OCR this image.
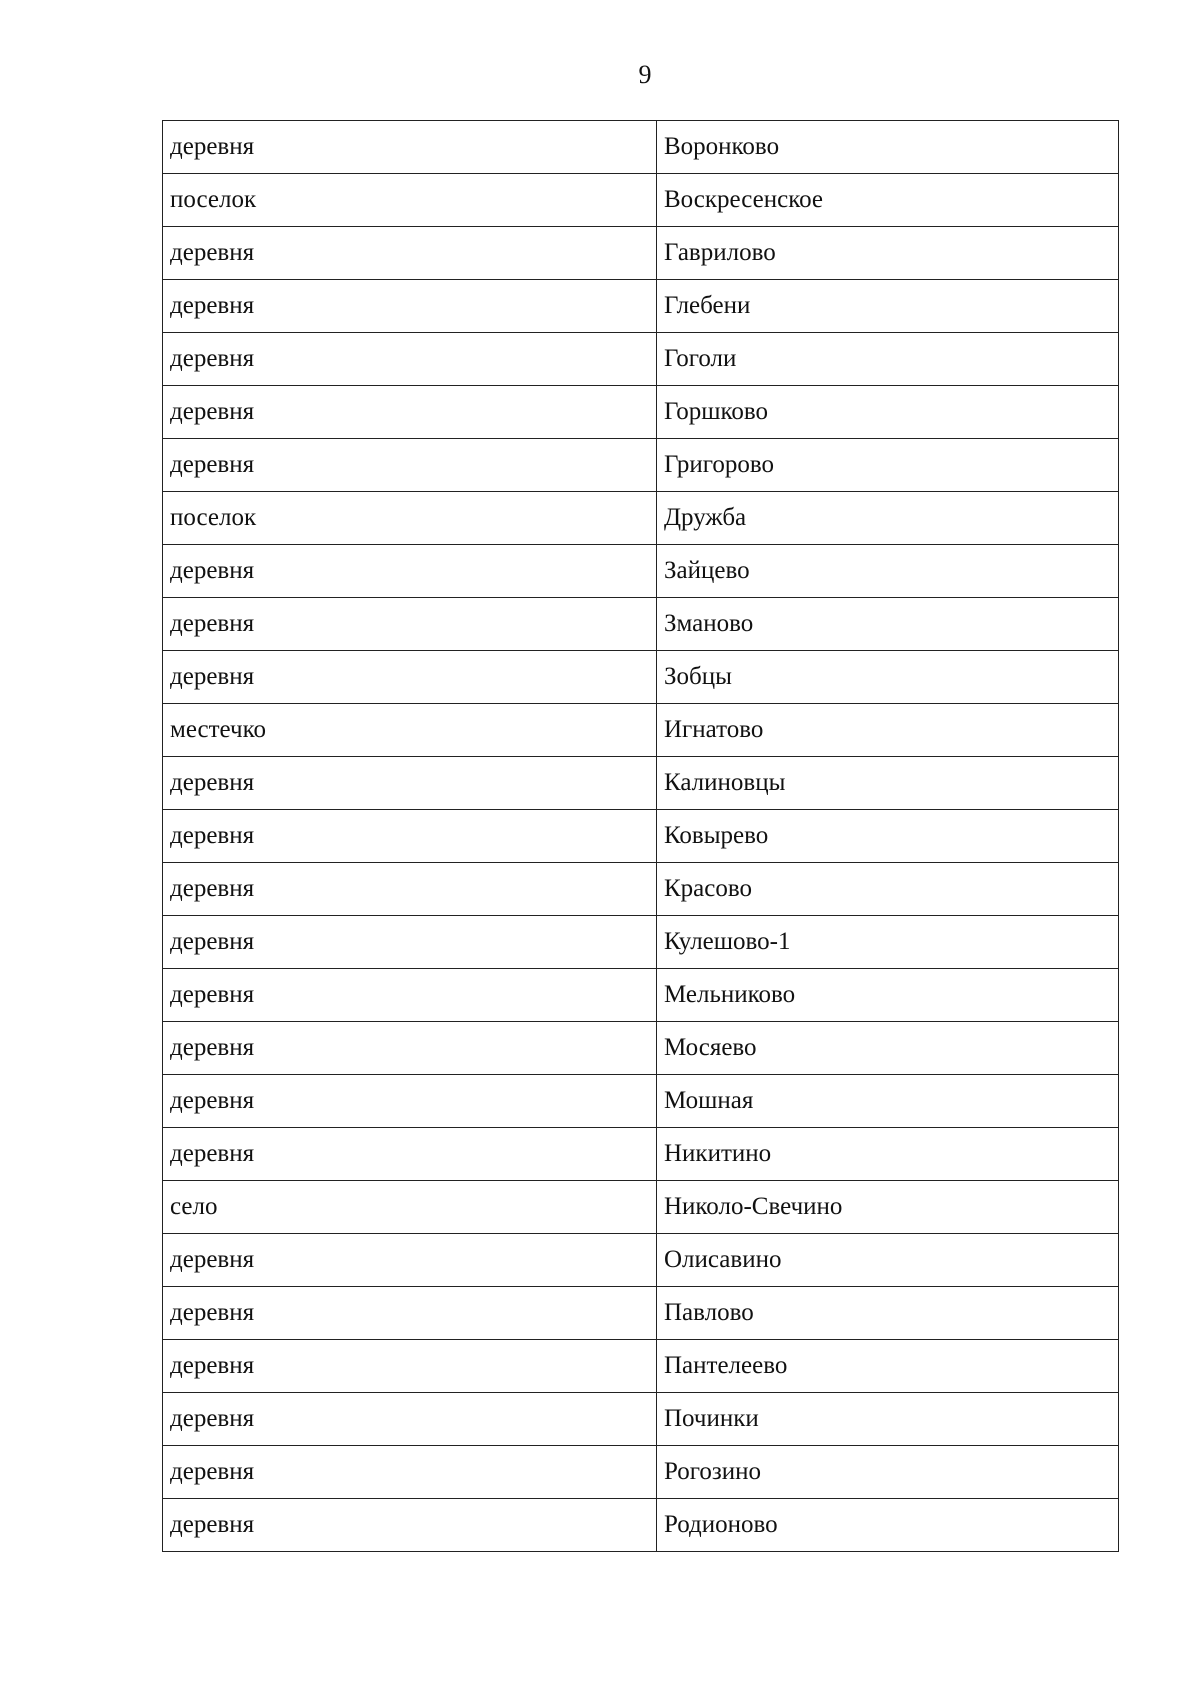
9
деревня	Воронково
поселок	Воскресенское
деревня	Гаврилово
деревня	Глебени
деревня	Гоголи
деревня	Горшково
деревня	Григорово
поселок	Дружба
деревня	Зайцево
деревня	Зманово
деревня	Зобцы
местечко	Игнатово
деревня	Калиновцы
деревня	Ковырево
деревня	Красово
деревня	Кулешово-1
деревня	Мельниково
деревня	Мосяево
деревня	Мошная
деревня	Никитино
село	Николо-Свечино
деревня	Олисавино
деревня	Павлово
деревня	Пантелеево
деревня	Починки
деревня	Рогозино
деревня	Родионово
